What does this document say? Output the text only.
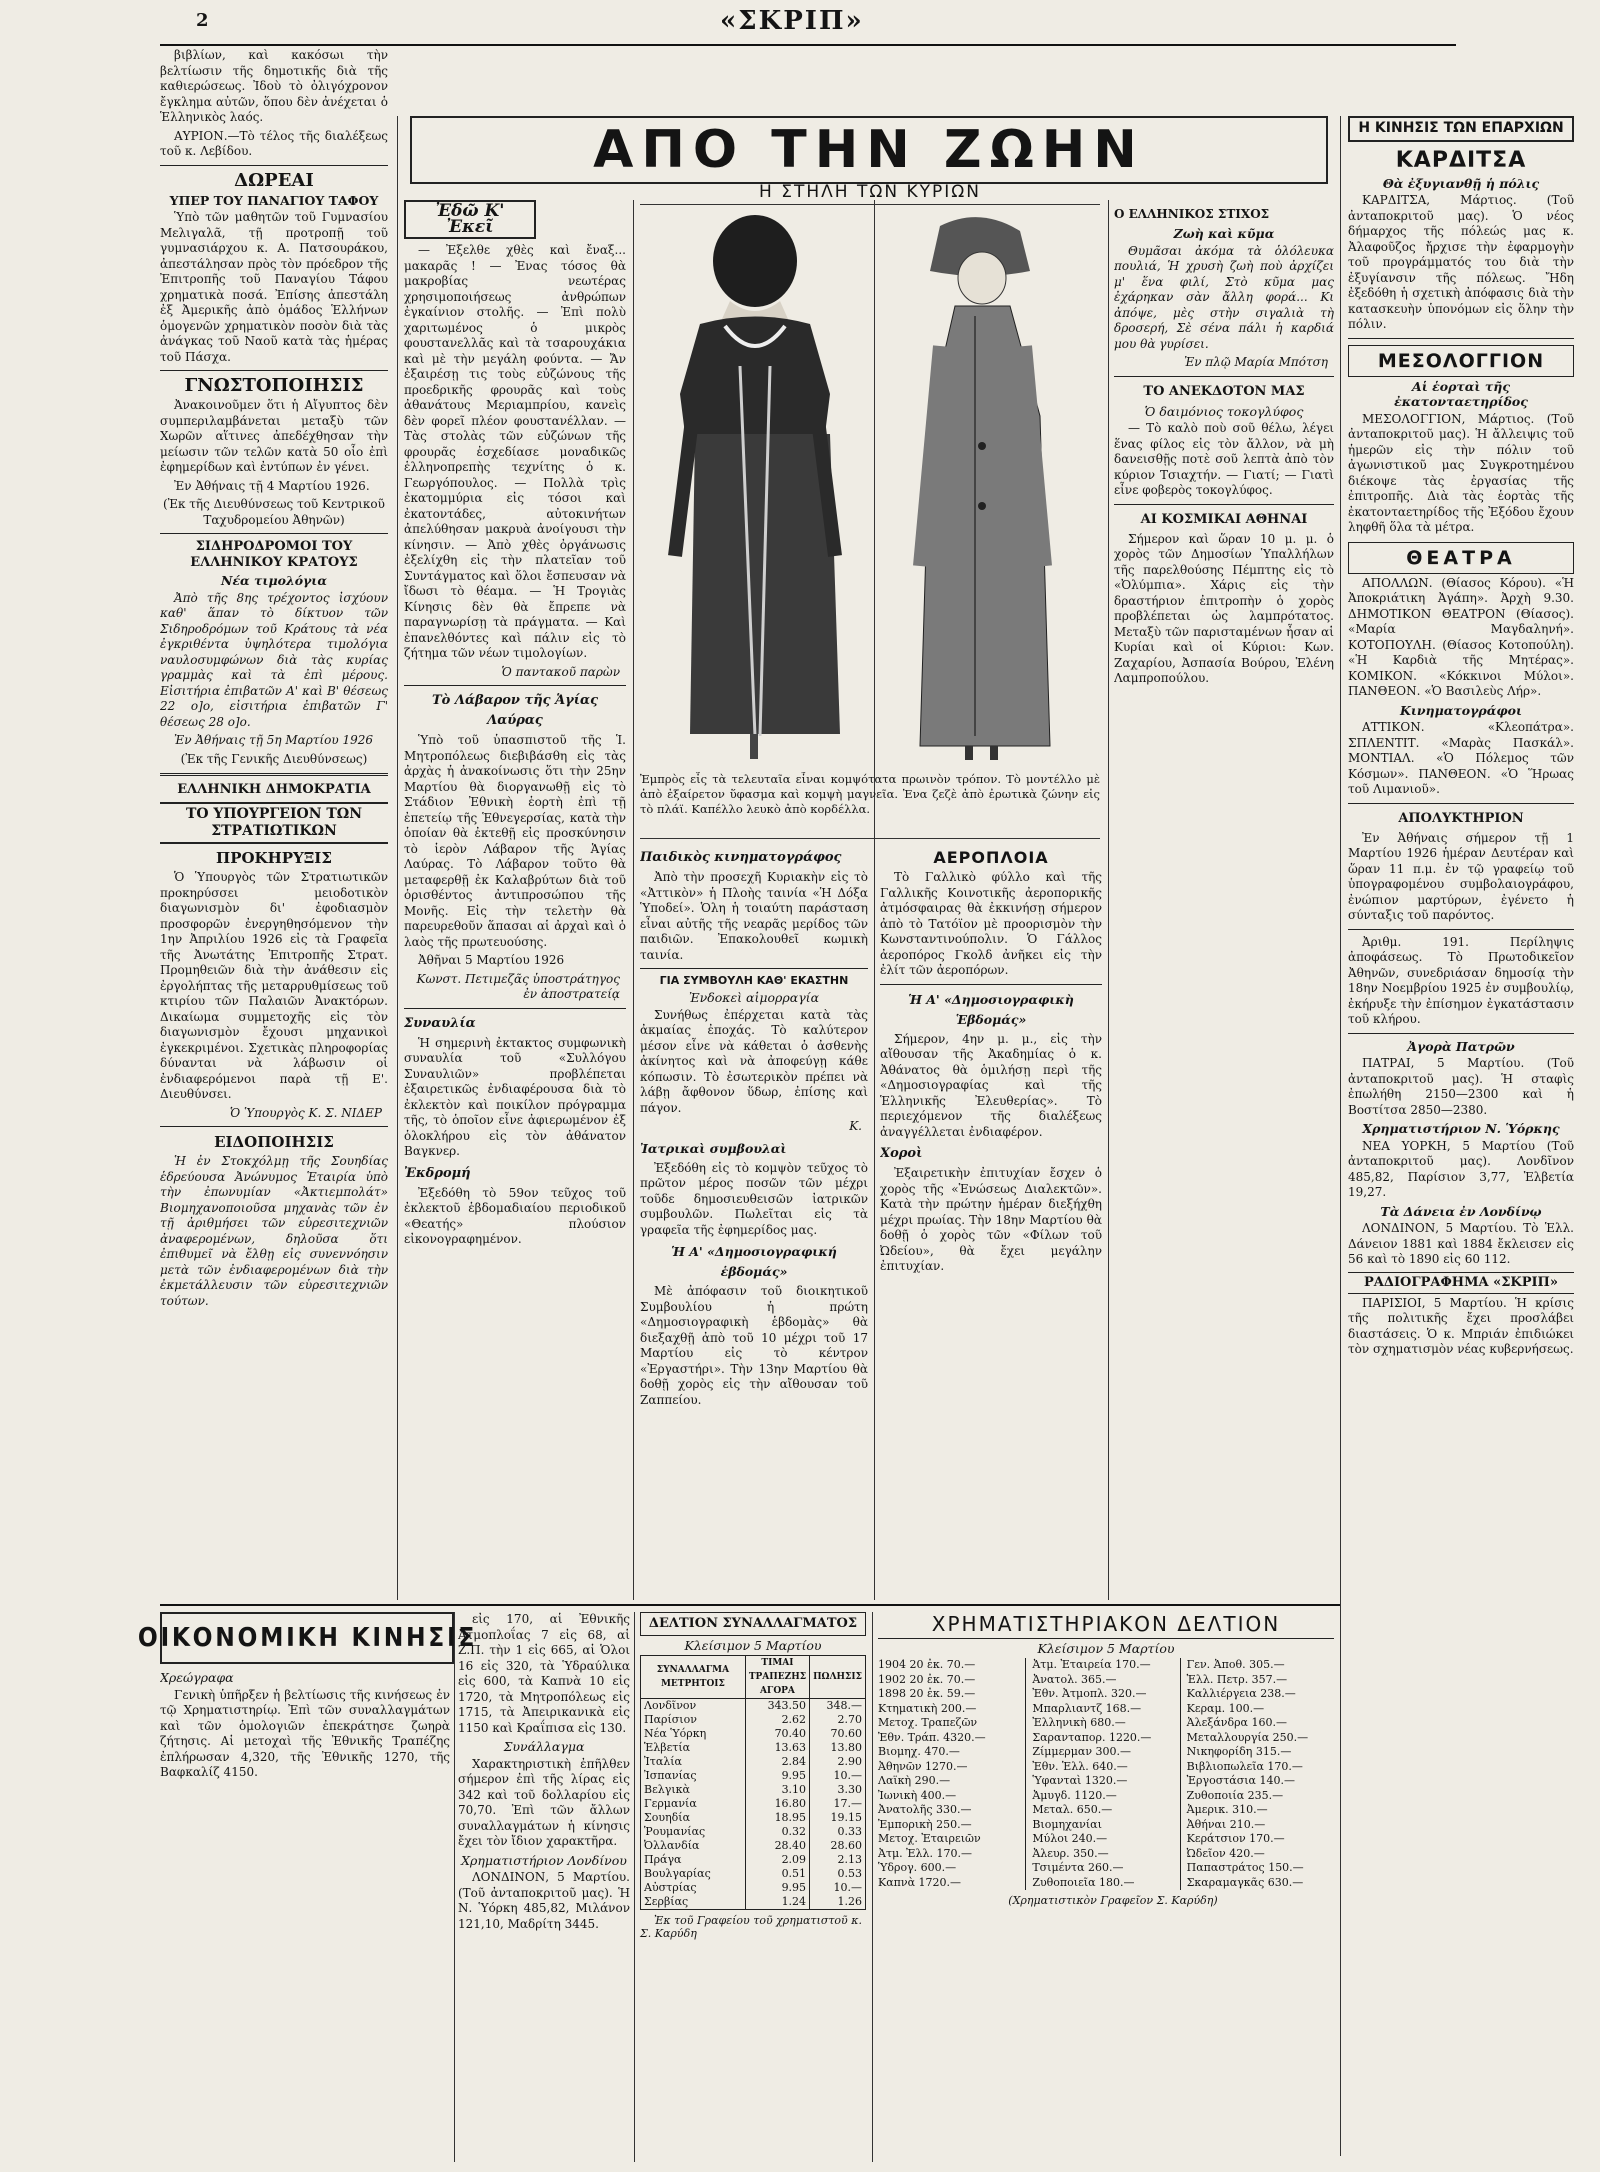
2	«ΣΚΡΙΠ»
ΑΠΟ ΤΗΝ ΖΩΗΝ
βιβλίων, καὶ κακόσωι τὴν βελτίωσιν τῆς δημοτικῆς διὰ τῆς καθιερώσεως. Ἰδοὺ τὸ ὀλιγόχρονον ἔγκλημα αὐτῶν, ὅπου δὲν ἀνέχεται ὁ Ἑλληνικὸς λαός.
ΑΥΡΙΟΝ.—Τὸ τέλος τῆς διαλέξεως τοῦ κ. Λεβίδου.
ΔΩΡΕΑΙ
ΥΠΕΡ ΤΟΥ ΠΑΝΑΓΙΟΥ ΤΑΦΟΥ
Ὑπὸ τῶν μαθητῶν τοῦ Γυμνασίου Μελιγαλᾶ, τῇ προτροπῇ τοῦ γυμνασιάρχου κ. Α. Πατσουράκου, ἀπεστάλησαν πρὸς τὸν πρόεδρον τῆς Ἐπιτροπῆς τοῦ Παναγίου Τάφου χρηματικὰ ποσά. Ἐπίσης ἀπεστάλη ἐξ Ἀμερικῆς ἀπὸ ὁμάδος Ἑλλήνων ὁμογενῶν χρηματικὸν ποσὸν διὰ τὰς ἀνάγκας τοῦ Ναοῦ κατὰ τὰς ἡμέρας τοῦ Πάσχα.
ΓΝΩΣΤΟΠΟΙΗΣΙΣ
Ἀνακοινοῦμεν ὅτι ἡ Αἴγυπτος δὲν συμπεριλαμβάνεται μεταξὺ τῶν Χωρῶν αἵτινες ἀπεδέχθησαν τὴν μείωσιν τῶν τελῶν κατὰ 50 οἷο ἐπὶ ἐφημερίδων καὶ ἐντύπων ἐν γένει.
Ἐν Ἀθήναις τῇ 4 Μαρτίου 1926.
(Ἐκ τῆς Διευθύνσεως τοῦ Κεντρικοῦ Ταχυδρομείου Ἀθηνῶν)
ΣΙΔΗΡΟΔΡΟΜΟΙ ΤΟΥ ΕΛΛΗΝΙΚΟΥ ΚΡΑΤΟΥΣ
Νέα τιμολόγια
Ἀπὸ τῆς 8ης τρέχοντος ἰσχύουν καθ' ἅπαν τὸ δίκτυον τῶν Σιδηροδρόμων τοῦ Κράτους τὰ νέα ἐγκριθέντα ὑψηλότερα τιμολόγια ναυλοσυμφώνων διὰ τὰς κυρίας γραμμὰς καὶ τὰ ἐπὶ μέρους. Εἰσιτήρια ἐπιβατῶν Α' καὶ Β' θέσεως 22 ο]ο, εἰσιτήρια ἐπιβατῶν Γ' θέσεως 28 ο]ο.
Ἐν Ἀθήναις τῇ 5η Μαρτίου 1926
(Ἐκ τῆς Γενικῆς Διευθύνσεως)
ΕΛΛΗΝΙΚΗ ΔΗΜΟΚΡΑΤΙΑ
ΤΟ ΥΠΟΥΡΓΕΙΟΝ ΤΩΝ ΣΤΡΑΤΙΩΤΙΚΩΝ
ΠΡΟΚΗΡΥΞΙΣ
Ὁ Ὑπουργὸς τῶν Στρατιωτικῶν προκηρύσσει μειοδοτικὸν διαγωνισμὸν δι' ἐφοδιασμὸν προσφορῶν ἐνεργηθησόμενον τὴν 1ην Ἀπριλίου 1926 εἰς τὰ Γραφεῖα τῆς Ἀνωτάτης Ἐπιτροπῆς Στρατ. Προμηθειῶν διὰ τὴν ἀνάθεσιν εἰς ἐργολήπτας τῆς μεταρρυθμίσεως τοῦ κτιρίου τῶν Παλαιῶν Ἀνακτόρων. Δικαίωμα συμμετοχῆς εἰς τὸν διαγωνισμὸν ἔχουσι μηχανικοὶ ἐγκεκριμένοι. Σχετικὰς πληροφορίας δύνανται νὰ λάβωσιν οἱ ἐνδιαφερόμενοι παρὰ τῇ Ε'. Διευθύνσει.
Ὁ Ὑπουργὸς Κ. Σ. ΝΙΔΕΡ
ΕΙΔΟΠΟΙΗΣΙΣ
Ἡ ἐν Στοκχόλμῃ τῆς Σουηδίας ἑδρεύουσα Ἀνώνυμος Ἑταιρία ὑπὸ τὴν ἐπωνυμίαν «Ἀκτιεμπολάτ» Βιομηχανοποιοῦσα μηχανὰς τῶν ἐν τῇ ἀριθμήσει τῶν εὑρεσιτεχνιῶν ἀναφερομένων, δηλοῦσα ὅτι ἐπιθυμεῖ νὰ ἔλθῃ εἰς συνεννόησιν μετὰ τῶν ἐνδιαφερομένων διὰ τὴν ἐκμετάλλευσιν τῶν εὑρεσιτεχνιῶν τούτων.
Ἐδῶ Κ' Ἐκεῖ
— Ἐξελθε χθὲς καὶ ἔναξ... μακαρᾶς ! — Ἐνας τόσος θὰ μακροβίας νεωτέρας χρησιμοποιήσεως ἀνθρώπων ἐγκαίνιον στολῆς. — Ἐπὶ πολὺ χαριτωμένος ὁ μικρὸς φουστανελλᾶς καὶ τὰ τσαρουχάκια καὶ μὲ τὴν μεγάλη φούντα. — Ἄν ἐξαιρέσῃ τις τοὺς εὐζώνους τῆς προεδρικῆς φρουρᾶς καὶ τοὺς ἀθανάτους Μεριαμπρίου, κανεὶς δὲν φορεῖ πλέον φουστανέλλαν. — Τὰς στολὰς τῶν εὐζώνων τῆς φρουρᾶς ἐσχεδίασε μοναδικῶς ἑλληνοπρεπὴς τεχνίτης ὁ κ. Γεωργόπουλος. — Πολλὰ τρὶς ἐκατομμύρια εἰς τόσοι καὶ ἐκατοντάδες, αὐτοκινήτων ἀπελύθησαν μακρυὰ ἀνοίγουσι τὴν κίνησιν. — Ἀπὸ χθὲς ὀργάνωσις ἐξελίχθη εἰς τὴν πλατεῖαν τοῦ Συντάγματος καὶ ὅλοι ἔσπευσαν νὰ ἴδωσι τὸ θέαμα. — Ἡ Τρογιὰς Κίνησις δὲν θὰ ἔπρεπε νὰ παραγνωρίσῃ τὰ πράγματα. — Καὶ ἐπανελθόντες καὶ πάλιν εἰς τὸ ζήτημα τῶν νέων τιμολογίων.
Ὁ παντακοῦ παρὼν
Τὸ Λάβαρον τῆς Ἁγίας Λαύρας
Ὑπὸ τοῦ ὑπασπιστοῦ τῆς Ἱ. Μητροπόλεως διεβιβάσθη εἰς τὰς ἀρχὰς ἡ ἀνακοίνωσις ὅτι τὴν 25ην Μαρτίου θὰ διοργανωθῇ εἰς τὸ Στάδιον Ἐθνικὴ ἑορτὴ ἐπὶ τῇ ἐπετείῳ τῆς Ἑθνεγερσίας, κατὰ τὴν ὁποίαν θὰ ἐκτεθῇ εἰς προσκύνησιν τὸ ἱερὸν Λάβαρον τῆς Ἁγίας Λαύρας. Τὸ Λάβαρον τοῦτο θὰ μεταφερθῇ ἐκ Καλαβρύτων διὰ τοῦ ὁρισθέντος ἀντιπροσώπου τῆς Μονῆς. Εἰς τὴν τελετὴν θὰ παρευρεθοῦν ἅπασαι αἱ ἀρχαὶ καὶ ὁ λαὸς τῆς πρωτευούσης.
Ἀθῆναι 5 Μαρτίου 1926
Κωνστ. Πετιμεζᾶς ὑποστράτηγος ἐν ἀποστρατείᾳ
Συναυλία
Ἡ σημερινὴ ἐκτακτος συμφωνικὴ συναυλία τοῦ «Συλλόγου Συναυλιῶν» προβλέπεται ἐξαιρετικῶς ἐνδιαφέρουσα διὰ τὸ ἐκλεκτὸν καὶ ποικίλον πρόγραμμα τῆς, τὸ ὁποῖον εἶνε ἀφιερωμένον ἐξ ὁλοκλήρου εἰς τὸν ἀθάνατον Βαγκνερ.
Ἐκδρομή
Ἐξεδόθη τὸ 59ον τεῦχος τοῦ ἐκλεκτοῦ ἑβδομαδιαίου περιοδικοῦ «Θεατής» πλούσιον εἰκονογραφημένον.
Η ΣΤΗΛΗ ΤΩΝ ΚΥΡΙΩΝ
Ἐμπρὸς εἶς τὰ τελευταῖα εἶναι κομψότατα πρωινὸν τρόπον. Τὸ μοντέλλο μὲ ἀπὸ ἐξαίρετον ὕφασμα καὶ κομψὴ μαγνεῖα. Ἐνα ζεζὲ ἀπὸ ἐρωτικὰ ζώνην εἰς τὸ πλάϊ. Καπέλλο λευκὸ ἀπὸ κορδέλλα.
Παιδικὸς κινηματογράφος
Ἀπὸ τὴν προσεχῆ Κυριακὴν εἰς τὸ «Ἀττικὸν» ἡ Πλοὴς ταινία «Ἡ Δόξα Ὑποδεί». Ὁλη ἡ τοιαύτη παράσταση εἶναι αὐτῆς τῆς νεαρᾶς μερίδος τῶν παιδιῶν. Ἐπακολουθεῖ κωμικὴ ταινία.
ΓΙΑ ΣΥΜΒΟΥΛΗ ΚΑΘ' ΕΚΑΣΤΗΝ
Ἐνδοκεὶ αἱμορραγία
Συνήθως ἐπέρχεται κατὰ τὰς ἀκμαίας ἐποχάς. Τὸ καλύτερον μέσον εἶνε νὰ κάθεται ὁ ἀσθενὴς ἀκίνητος καὶ νὰ ἀποφεύγῃ κάθε κόπωσιν. Τὸ ἐσωτερικὸν πρέπει νὰ λάβῃ ἄφθονον ὕδωρ, ἐπίσης καὶ πάγον.
Κ.
Ἰατρικαὶ συμβουλαὶ
Ἐξεδόθη εἰς τὸ κομψὸν τεῦχος τὸ πρῶτον μέρος ποσῶν τῶν μέχρι τοῦδε δημοσιευθεισῶν ἰατρικῶν συμβουλῶν. Πωλεῖται εἰς τὰ γραφεῖα τῆς ἐφημερίδος μας.
Ἡ Α' «Δημοσιογραφική ἑβδομάς»
Μὲ ἀπόφασιν τοῦ διοικητικοῦ Συμβουλίου ἡ πρώτη «Δημοσιογραφικὴ ἑβδομὰς» θὰ διεξαχθῇ ἀπὸ τοῦ 10 μέχρι τοῦ 17 Μαρτίου εἰς τὸ κέντρον «Ἐργαστήρι». Τὴν 13ην Μαρτίου θὰ δοθῇ χορὸς εἰς τὴν αἴθουσαν τοῦ Ζαππείου.
Ο ΕΛΛΗΝΙΚΟΣ ΣΤΙΧΟΣ
Ζωὴ καὶ κῦμα
Θυμᾶσαι ἀκόμα τὰ ὁλόλευκα πουλιά, Ἡ χρυσὴ ζωὴ ποὺ ἀρχίζει μ' ἕνα φιλί, Στὸ κῦμα μας ἐχάρηκαν σὰν ἄλλη φορά... Κι ἀπόψε, μὲς στὴν σιγαλιὰ τὴ δροσερή, Σὲ σένα πάλι ἡ καρδιά μου θὰ γυρίσει.
Ἐν πλῷ Μαρία Μπότση
ΤΟ ΑΝΕΚΔΟΤΟΝ ΜΑΣ
Ὁ δαιμόνιος τοκογλύφος
— Τὸ καλὸ ποὺ σοῦ θέλω, λέγει ἕνας φίλος εἰς τὸν ἄλλον, νὰ μὴ δανεισθῇς ποτὲ σοῦ λεπτὰ ἀπὸ τὸν κύριον Τσιαχτήν. — Γιατί; — Γιατὶ εἶνε φοβερὸς τοκογλύφος.
ΑΙ ΚΟΣΜΙΚΑΙ ΑΘΗΝΑΙ
Σήμερον καὶ ὥραν 10 μ. μ. ὁ χορὸς τῶν Δημοσίων Ὑπαλλήλων τῆς παρελθούσης Πέμπτης εἰς τὸ «Ὀλύμπια». Χάρις εἰς τὴν δραστήριον ἐπιτροπὴν ὁ χορὸς προβλέπεται ὡς λαμπρότατος. Μεταξὺ τῶν παρισταμένων ἦσαν αἱ Κυρίαι καὶ οἱ Κύριοι: Κων. Ζαχαρίου, Ἀσπασία Βούρου, Ἑλένη Λαμπροπούλου.
ΑΕΡΟΠΛΟΙΑ
Τὸ Γαλλικὸ φύλλο καὶ τῆς Γαλλικῆς Κοινοτικῆς ἀεροπορικῆς ἀτμόσφαιρας θὰ ἐκκινήσῃ σήμερον ἀπὸ τὸ Τατόϊον μὲ προορισμὸν τὴν Κωνσταντινούπολιν. Ὁ Γάλλος ἀεροπόρος Γκολδ ἀνῆκει εἰς τὴν ἐλίτ τῶν ἀεροπόρων.
Ἡ Α' «Δημοσιογραφικὴ Ἑβδομάς»
Σήμερον, 4ην μ. μ., εἰς τὴν αἴθουσαν τῆς Ἀκαδημίας ὁ κ. Ἀθάνατος θὰ ὁμιλήσῃ περὶ τῆς «Δημοσιογραφίας καὶ τῆς Ἑλληνικῆς Ἐλευθερίας». Τὸ περιεχόμενον τῆς διαλέξεως ἀναγγέλλεται ἐνδιαφέρον.
Χοροὶ
Ἐξαιρετικὴν ἐπιτυχίαν ἔσχεν ὁ χορὸς τῆς «Ἑνώσεως Διαλεκτῶν». Κατὰ τὴν πρώτην ἡμέραν διεξήχθη μέχρι πρωίας. Τὴν 18ην Μαρτίου θὰ δοθῇ ὁ χορὸς τῶν «Φίλων τοῦ Ὠδείου», θὰ ἔχει μεγάλην ἐπιτυχίαν.
Η ΚΙΝΗΣΙΣ ΤΩΝ ΕΠΑΡΧΙΩΝ
ΚΑΡΔΙΤΣΑ
Θὰ ἐξυγιανθῇ ἡ πόλις
ΚΑΡΔΙΤΣΑ, Μάρτιος. (Τοῦ ἀνταποκριτοῦ μας). Ὁ νέος δήμαρχος τῆς πόλεώς μας κ. Ἀλαφοῦζος ἤρχισε τὴν ἐφαρμογὴν τοῦ προγράμματός του διὰ τὴν ἐξυγίανσιν τῆς πόλεως. Ἤδη ἐξεδόθη ἡ σχετικὴ ἀπόφασις διὰ τὴν κατασκευὴν ὑπονόμων εἰς ὅλην τὴν πόλιν.
ΜΕΣΟΛΟΓΓΙΟΝ
Αἱ ἑορταὶ τῆς ἐκατονταετηρίδος
ΜΕΣΟΛΟΓΓΙΟΝ, Μάρτιος. (Τοῦ ἀνταποκριτοῦ μας). Ἡ ἄλλειψις τοῦ ἡμερῶν εἰς τὴν πόλιν τοῦ ἀγωνιστικοῦ μας Συγκροτημένου διέκοψε τὰς ἐργασίας τῆς ἐπιτροπῆς. Διὰ τὰς ἑορτὰς τῆς ἐκατονταετηρίδος τῆς Ἐξόδου ἔχουν ληφθῆ ὅλα τὰ μέτρα.
ΘΕΑΤΡΑ
ΑΠΟΛΛΩΝ. (Θίασος Κόρου). «Ἡ Ἀποκριάτικη Ἀγάπη». Ἀρχὴ 9.30. ΔΗΜΟΤΙΚΟΝ ΘΕΑΤΡΟΝ (Θίασος). «Μαρία Μαγδαληνή». ΚΟΤΟΠΟΥΛΗ. (Θίασος Κοτοπούλη). «Ἡ Καρδιὰ τῆς Μητέρας». ΚΟΜΙΚΟΝ. «Κόκκινοι Μύλοι». ΠΑΝΘΕΟΝ. «Ὁ Βασιλεὺς Λήρ».
Κινηματογράφοι
ΑΤΤΙΚΟΝ. «Κλεοπάτρα». ΣΠΛΕΝΤΙΤ. «Μαρὰς Πασκάλ». ΜΟΝΤΙΑΛ. «Ὁ Πόλεμος τῶν Κόσμων». ΠΑΝΘΕΟΝ. «Ὁ Ἥρωας τοῦ Λιμανιοῦ».
ΑΠΟΛΥΚΤΗΡΙΟΝ
Ἐν Ἀθήναις σήμερον τῇ 1 Μαρτίου 1926 ἡμέραν Δευτέραν καὶ ὥραν 11 π.μ. ἐν τῷ γραφείῳ τοῦ ὑπογραφομένου συμβολαιογράφου, ἐνώπιον μαρτύρων, ἐγένετο ἡ σύνταξις τοῦ παρόντος.
Ἀριθμ. 191. Περίληψις ἀποφάσεως. Τὸ Πρωτοδικεῖον Ἀθηνῶν, συνεδριάσαν δημοσίᾳ τὴν 18ην Νοεμβρίου 1925 ἐν συμβουλίῳ, ἐκήρυξε τὴν ἐπίσημον ἐγκατάστασιν τοῦ κλήρου.
Ἀγορὰ Πατρῶν
ΠΑΤΡΑΙ, 5 Μαρτίου. (Τοῦ ἀνταποκριτοῦ μας). Ἡ σταφὶς ἐπωλήθη 2150—2300 καὶ ἡ Βοστίτσα 2850—2380.
Χρηματιστήριον Ν. Ὑόρκης
ΝΕΑ ΥΟΡΚΗ, 5 Μαρτίου (Τοῦ ἀνταποκριτοῦ μας). Λονδῖνον 485,82, Παρίσιον 3,77, Ἑλβετία 19,27.
Τὰ Δάνεια ἐν Λονδίνῳ
ΛΟΝΔΙΝΟΝ, 5 Μαρτίου. Τὸ Ἑλλ. Δάνειον 1881 καὶ 1884 ἔκλεισεν εἰς 56 καὶ τὸ 1890 εἰς 60 112.
ΡΑΔΙΟΓΡΑΦΗΜΑ «ΣΚΡΙΠ»
ΠΑΡΙΣΙΟΙ, 5 Μαρτίου. Ἡ κρίσις τῆς πολιτικῆς ἔχει προσλάβει διαστάσεις. Ὁ κ. Μπριάν ἐπιδιώκει τὸν σχηματισμὸν νέας κυβερνήσεως.
ΟΙΚΟΝΟΜΙΚΗ ΚΙΝΗΣΙΣ
Χρεώγραφα
Γενικὴ ὑπῆρξεν ἡ βελτίωσις τῆς κινήσεως ἐν τῷ Χρηματιστηρίῳ. Ἐπὶ τῶν συναλλαγμάτων καὶ τῶν ὁμολογιῶν ἐπεκράτησε ζωηρὰ ζήτησις. Αἱ μετοχαὶ τῆς Ἐθνικῆς Τραπέζης ἐπλήρωσαν 4,320, τῆς Ἐθνικῆς 1270, τῆς Βαφκαλίζ 4150.
εἰς 170, αἱ Ἐθνικῆς Ἀτμοπλοΐας 7 εἰς 68, αἱ Ζ.Π. τὴν 1 εἰς 665, αἱ Ὁλοι 16 εἰς 320, τὰ Ὑδραύλικα εἰς 600, τὰ Καπνὰ 10 εἰς 1720, τὰ Μητροπόλεως εἰς 1715, τὰ Ἀπειρικανικὰ εἰς 1150 καὶ Κραΐπισα εἰς 130.
Συνάλλαγμα
Χαρακτηριστικὴ ἐπῆλθεν σήμερον ἐπὶ τῆς λίρας εἰς 342 καὶ τοῦ δολλαρίου εἰς 70,70. Ἐπὶ τῶν ἄλλων συναλλαγμάτων ἡ κίνησις ἔχει τὸν ἴδιον χαρακτῆρα.
Χρηματιστήριον Λονδίνου
ΛΟΝΔΙΝΟΝ, 5 Μαρτίου. (Τοῦ ἀνταποκριτοῦ μας). Ἡ Ν. Ὑόρκη 485,82, Μιλάνον 121,10, Μαδρίτη 3445.
ΔΕΛΤΙΟΝ ΣΥΝΑΛΛΑΓΜΑΤΟΣ
Κλείσιμον 5 Μαρτίου
ΣΥΝΑΛΛΑΓΜΑ ΜΕΤΡΗΤΟΙΣ	ΤΙΜΑΙ ΤΡΑΠΕΖΗΣ ΑΓΟΡΑ	ΠΩΛΗΣΙΣ
Λονδῖνον	343.50	348.—
Παρίσιον	2.62	2.70
Νέα Ὑόρκη	70.40	70.60
Ἑλβετία	13.63	13.80
Ἰταλία	2.84	2.90
Ἰσπανίας	9.95	10.—
Βελγικὰ	3.10	3.30
Γερμανία	16.80	17.—
Σουηδία	18.95	19.15
Ῥουμανίας	0.32	0.33
Ὀλλανδία	28.40	28.60
Πράγα	2.09	2.13
Βουλγαρίας	0.51	0.53
Αὐστρίας	9.95	10.—
Σερβίας	1.24	1.26
Ἐκ τοῦ Γραφείου τοῦ χρηματιστοῦ κ. Σ. Καρύδη
ΧΡΗΜΑΤΙΣΤΗΡΙΑΚΟΝ ΔΕΛΤΙΟΝ
Κλείσιμον 5 Μαρτίου
1904 20 ἐκ. 70.—
1902 20 ἐκ. 70.—
1898 20 ἐκ. 59.—
Κτηματικὴ 200.—
Μετοχ. Τραπεζῶν
Ἐθν. Τράπ. 4320.—
Βιομηχ. 470.—
Ἀθηνῶν 1270.—
Λαϊκὴ 290.—
Ἰωνικὴ 400.—
Ἀνατολῆς 330.—
Ἐμπορικὴ 250.—
Μετοχ. Ἐταιρειῶν
Ἀτμ. Ἐλλ. 170.—
Ὑδρογ. 600.—
Καπνὰ 1720.—
Ἀτμ. Ἐταιρεία 170.—
Ἀνατολ. 365.—
Ἐθν. Ἀτμοπλ. 320.—
Μπαρλιαντζ 168.—
Ἐλληνικὴ 680.—
Σαρανταπορ. 1220.—
Ζίμμερμαν 300.—
Ἐθν. Ἑλλ. 640.—
Ὑφανταὶ 1320.—
Ἀμυγδ. 1120.—
Μεταλ. 650.—
Βιομηχανίαι
Μύλοι 240.—
Ἀλευρ. 350.—
Τσιμέντα 260.—
Ζυθοποιεῖα 180.—
Γεν. Ἀποθ. 305.—
Ἑλλ. Πετρ. 357.—
Καλλιέργεια 238.—
Κεραμ. 100.—
Ἀλεξάνδρα 160.—
Μεταλλουργία 250.—
Νικηφορίδη 315.—
Βιβλιοπωλεῖα 170.—
Ἐργοστάσια 140.—
Ζυθοποιία 235.—
Ἀμερικ. 310.—
Ἀθήναι 210.—
Κεράτσιον 170.—
Ὠδεῖον 420.—
Παπαστράτος 150.—
Σκαραμαγκᾶς 630.—
(Χρηματιστικὸν Γραφεῖον Σ. Καρύδη)
